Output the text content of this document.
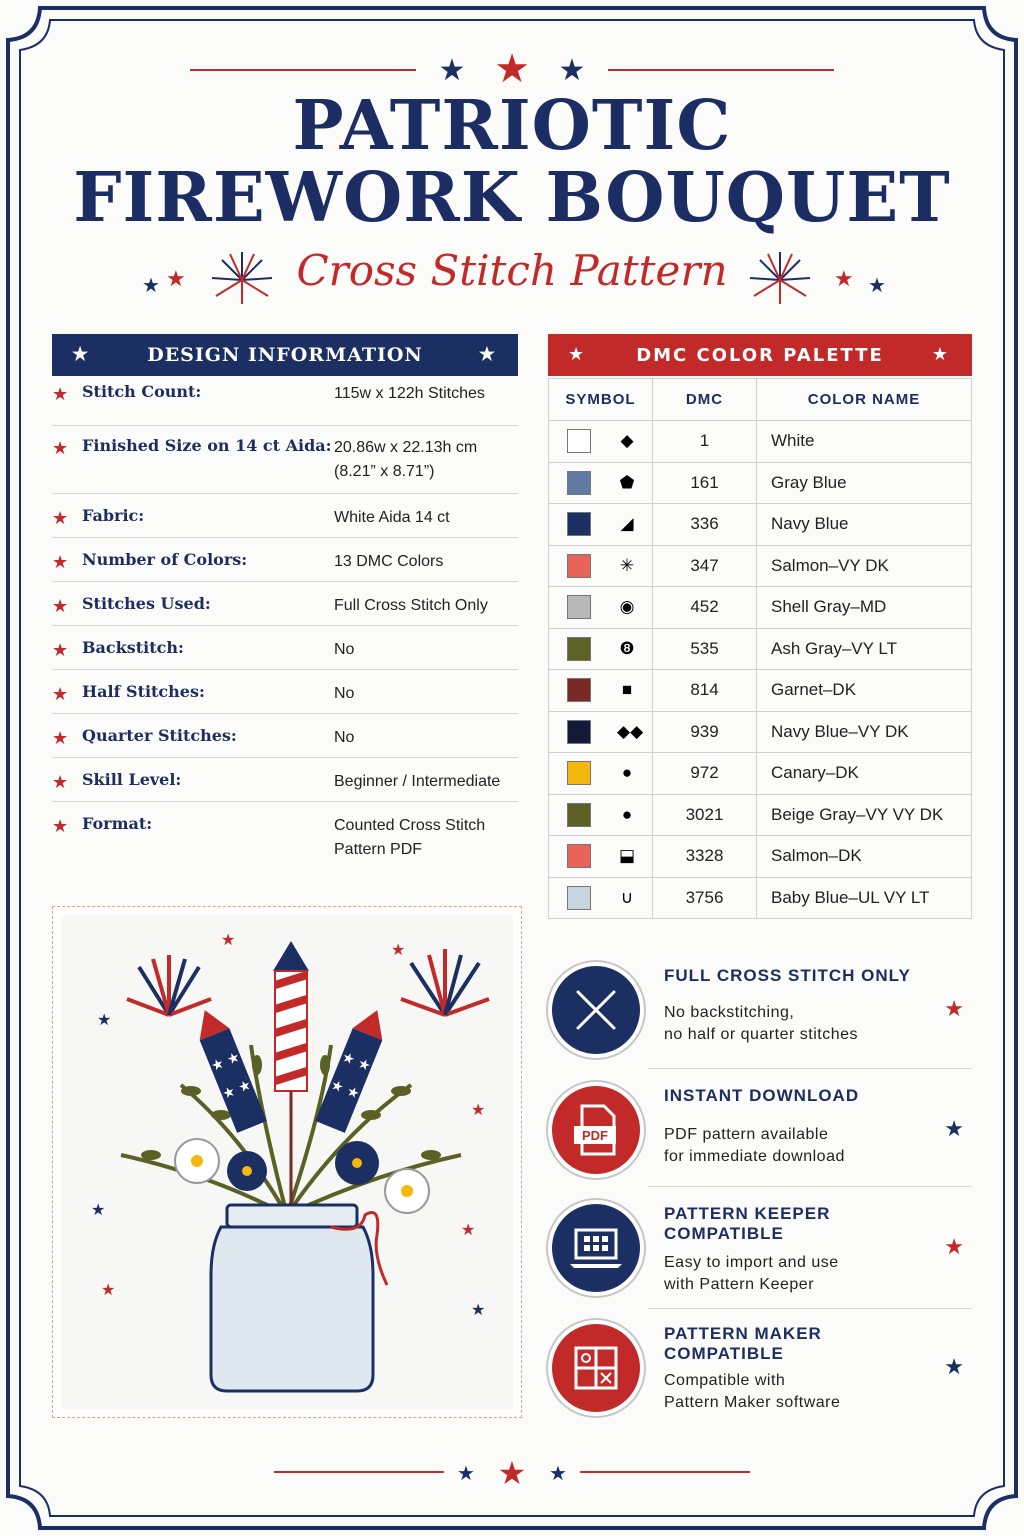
★ ★ ★
PATRIOTIC
FIREWORK BOUQUET
★ ★	Cross Stitch Pattern	★ ★
★	DESIGN INFORMATION	★
★ Stitch Count:	115w x 122h Stitches
★ Finished Size on 14 ct Aida: 20.86w x 22.13h cm
(8.21” x 8.71”)
★ Fabric:	White Aida 14 ct
★ Number of Colors:	13 DMC Colors
★ Stitches Used:	Full Cross Stitch Only
★ Backstitch:	No
★ Half Stitches:	No
★ Quarter Stitches:	No
★ Skill Level:	Beginner / Intermediate
★ Format:	Counted Cross Stitch
Pattern PDF
★	DMC COLOR PALETTE	★
SYMBOL	DMC	COLOR NAME

◆	1	White

⬟	161	Gray Blue

◢	336	Navy Blue

✳	347	Salmon–VY DK

◉	452	Shell Gray–MD

❽	535	Ash Gray–VY LT

■	814	Garnet–DK

◆◆	939	Navy Blue–VY DK

●	972	Canary–DK

●	3021	Beige Gray–VY VY DK

⬓	3328	Salmon–DK

∪	3756	Baby Blue–UL VY LT
★ ★
★ ★
★ ★
★ ★
★
★
★
★
★
★
★
★
FULL CROSS STITCH ONLY
No backstitching,
no half or quarter stitches
★
PDF
INSTANT DOWNLOAD
PDF pattern available
for immediate download
★
PATTERN KEEPER COMPATIBLE
Easy to import and use
with Pattern Keeper
★
PATTERN MAKER COMPATIBLE
Compatible with
Pattern Maker software
★
★ ★ ★
